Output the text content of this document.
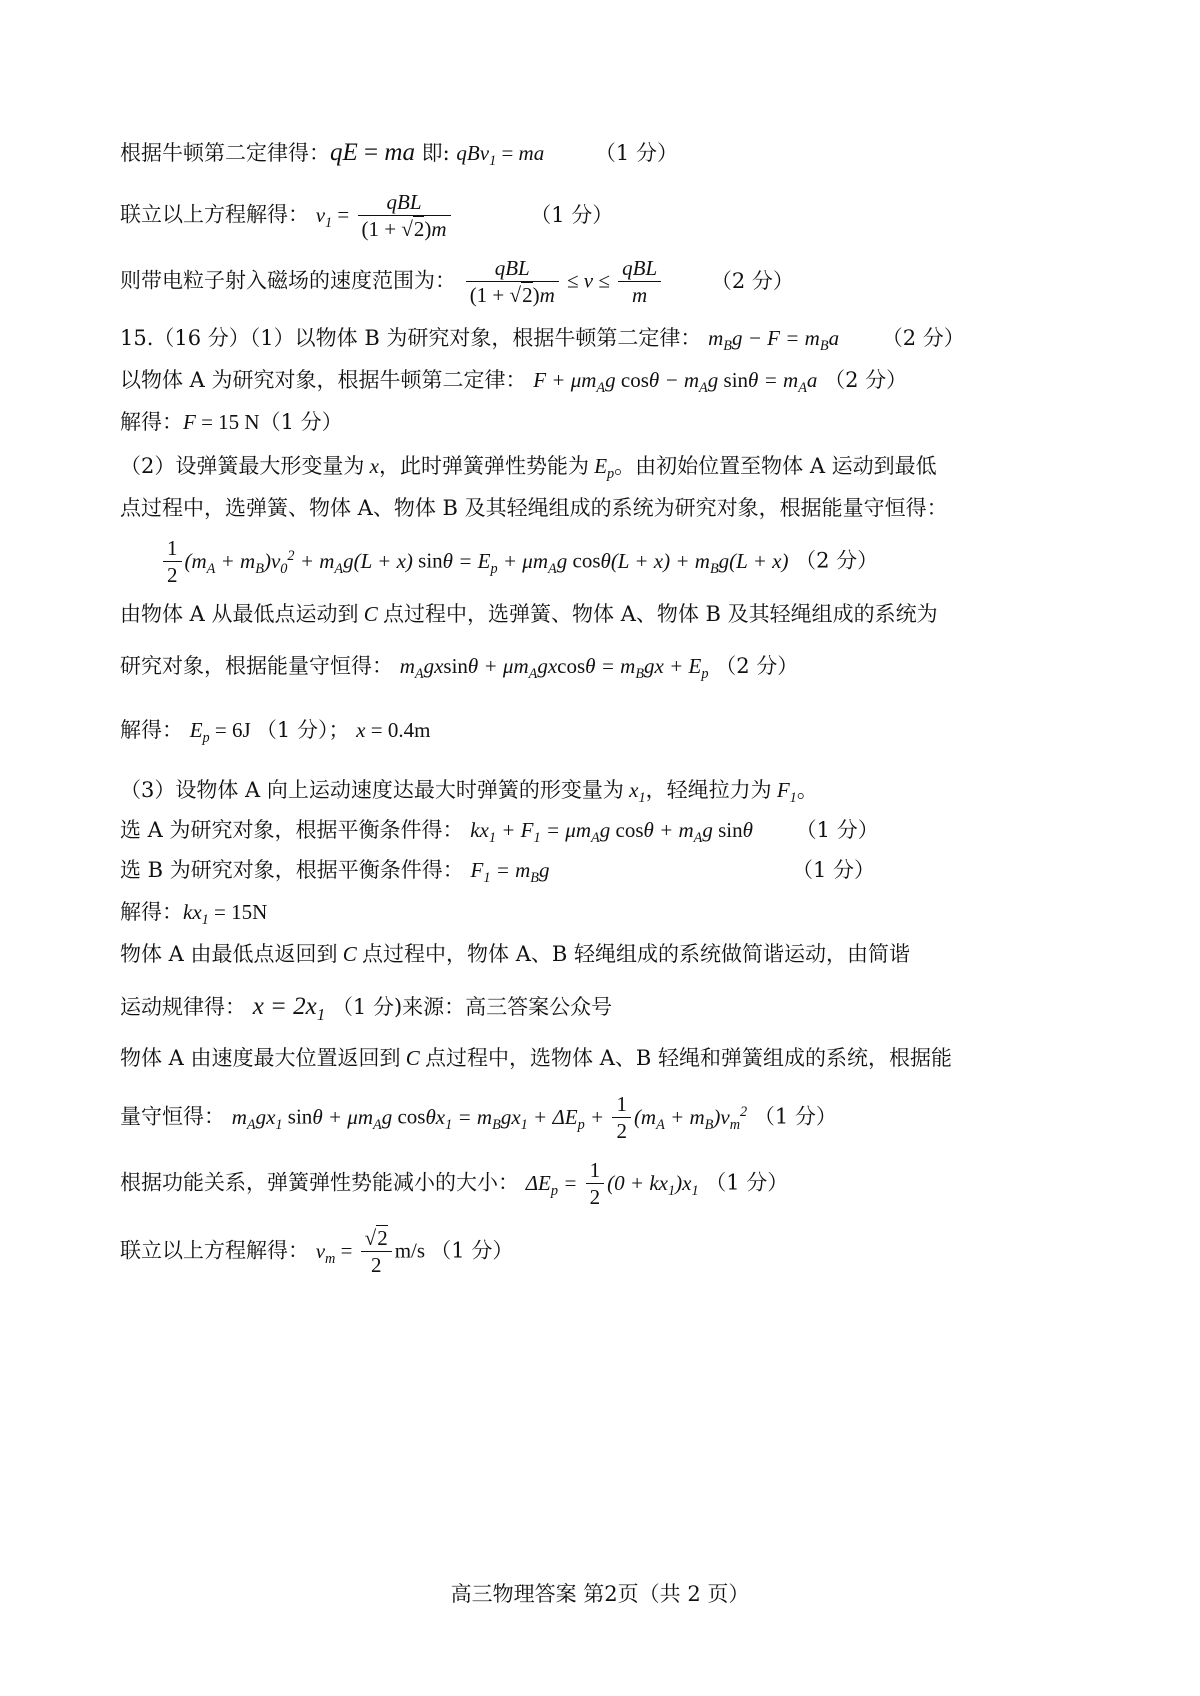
根据牛顿第二定律得：qE = ma 即: qBv$_1$ = ma （1 分）
联立以上方程解得： $v_1 = \frac{\text{qBL}}{(1 + √2)m}$	（1 分）
则带电粒子射入磁场的速度范围为： $\frac{\text{qBL}}{(1 + √2)m} \le v \le \frac{\text{qBL}}{m} (2$ 分）
15.（16 分）（1）以物体 B 为研究对象，根据牛顿第二定律： $m_Bg - F = m_Ba$ （2 分）
以物体 A 为研究对象，根据牛顿第二定律： $F + \mu m_Ag$ $\cos\theta - m_Ag$ $\sin\theta = m_Aa$ （2 分）
解得：F = 15 N（1 分）
（2）设弹簧最大形变量为 x，此时弹簧弹性势能为 $E_p$。由初始位置至物体 A 运动到最低
点过程中，选弹簧、物体 A、物体 B 及其轻绳组成的系统为研究对象，根据能量守恒得：
$\frac{1}{2} (m_A + m_B)v_0^2 + m_Ag(L + x) \sin\theta = E_p + \mu m_Ag$ $\cos\theta(L + x) + m_Bg(L + x)$ （2 分）
由物体 A 从最低点运动到 C 点过程中，选弹簧、物体 A、物体 B 及其轻绳组成的系统为
研究对象，根据能量守恒得： $m_Agxsin\theta + \mu m_Agxcos\theta = m_Bgx + E_p$ （2 分）
解得： $E_p = 6J$ （1 分）； x = 0.4m
（3）设物体 A 向上运动速度达最大时弹簧的形变量为 $x_1$，轻绳拉力为 $F_1$。
选 A 为研究对象，根据平衡条件得： $kx_1 + F_1 = \mu m_Ag$ $\cos\theta + m_Ag$ sinθ （1 分）
选 B 为研究对象，根据平衡条件得： $F_1 = m_Bg$	（1 分）
解得：$kx_1 = 15N$
物体 A 由最低点返回到 C 点过程中，物体 A、B 轻绳组成的系统做简谐运动，由简谐
运动规律得： $x = 2x_1$ （1 分)来源：高三答案公众号
物体 A 由速度最大位置返回到 C 点过程中，选物体 A、B 轻绳和弹簧组成的系统，根据能
量守恒得： $m_Agx_1$ $\sin\theta + \mu m_Ag$ $\cos\theta x_1 = m_Bgx_1 + \Delta E_p + \frac{1}{2} (m_A + m_B)v_m^2$ （1 分）
根据功能关系，弹簧弹性势能减小的大小： $\Delta E_p = \frac{1}{2} (0 + kx_1)x_1$ （1 分）
联立以上方程解得： $v_m = \frac{√2}{2} m/s$ （1 分）
高三物理答案 第2页（共 2 页）
